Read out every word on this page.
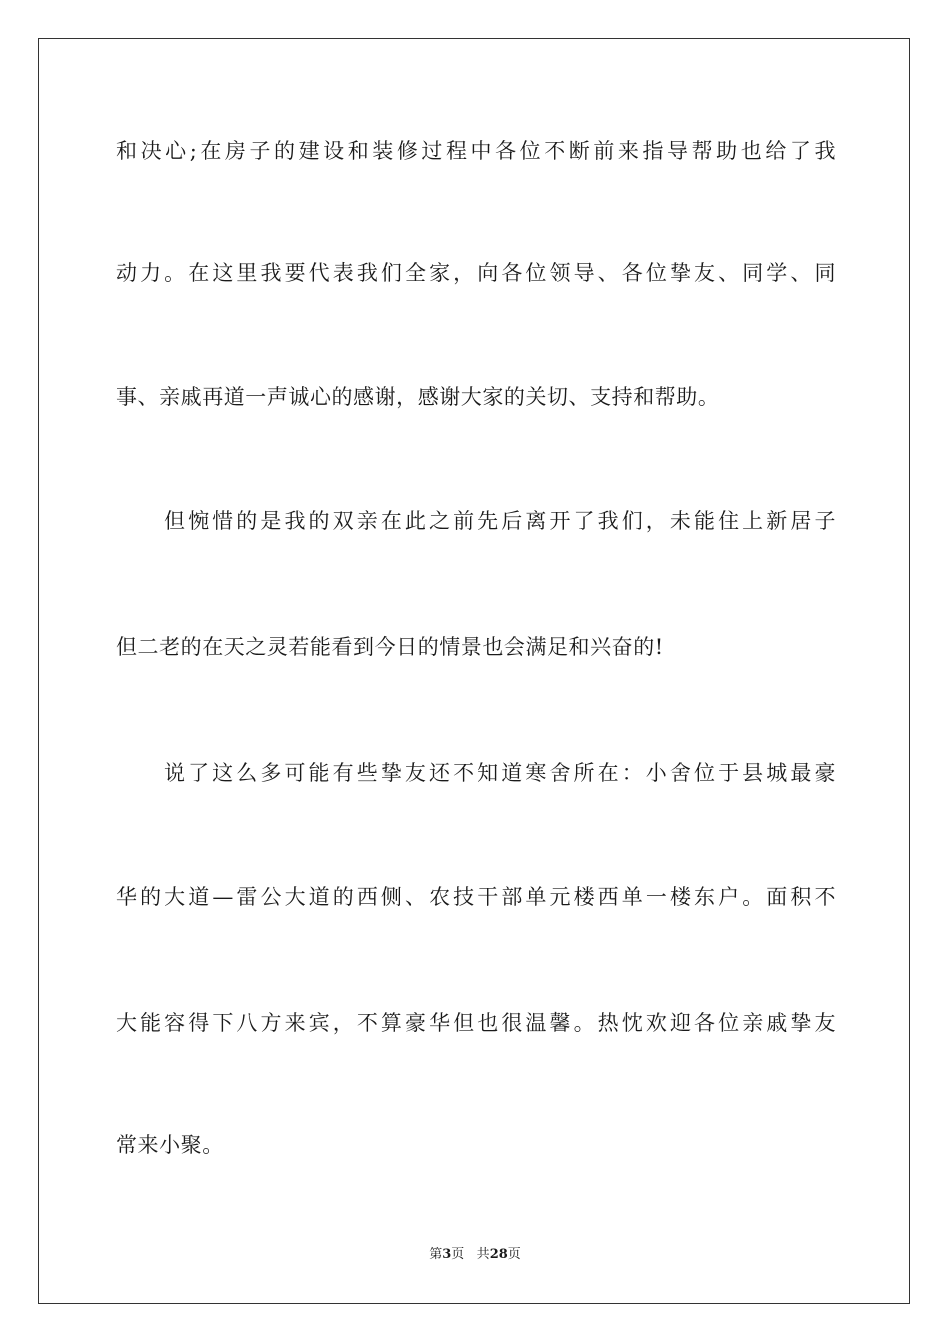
和决心;在房子的建设和装修过程中各位不断前来指导帮助也给了我
动力。在这里我要代表我们全家，向各位领导、各位挚友、同学、同
事、亲戚再道一声诚心的感谢，感谢大家的关切、支持和帮助。
但惋惜的是我的双亲在此之前先后离开了我们，未能住上新居子
但二老的在天之灵若能看到今日的情景也会满足和兴奋的!
说了这么多可能有些挚友还不知道寒舍所在：小舍位于县城最豪
华的大道—雷公大道的西侧、农技干部单元楼西单一楼东户。面积不
大能容得下八方来宾，不算豪华但也很温馨。热忱欢迎各位亲戚挚友
常来小聚。
第3页 共28页
